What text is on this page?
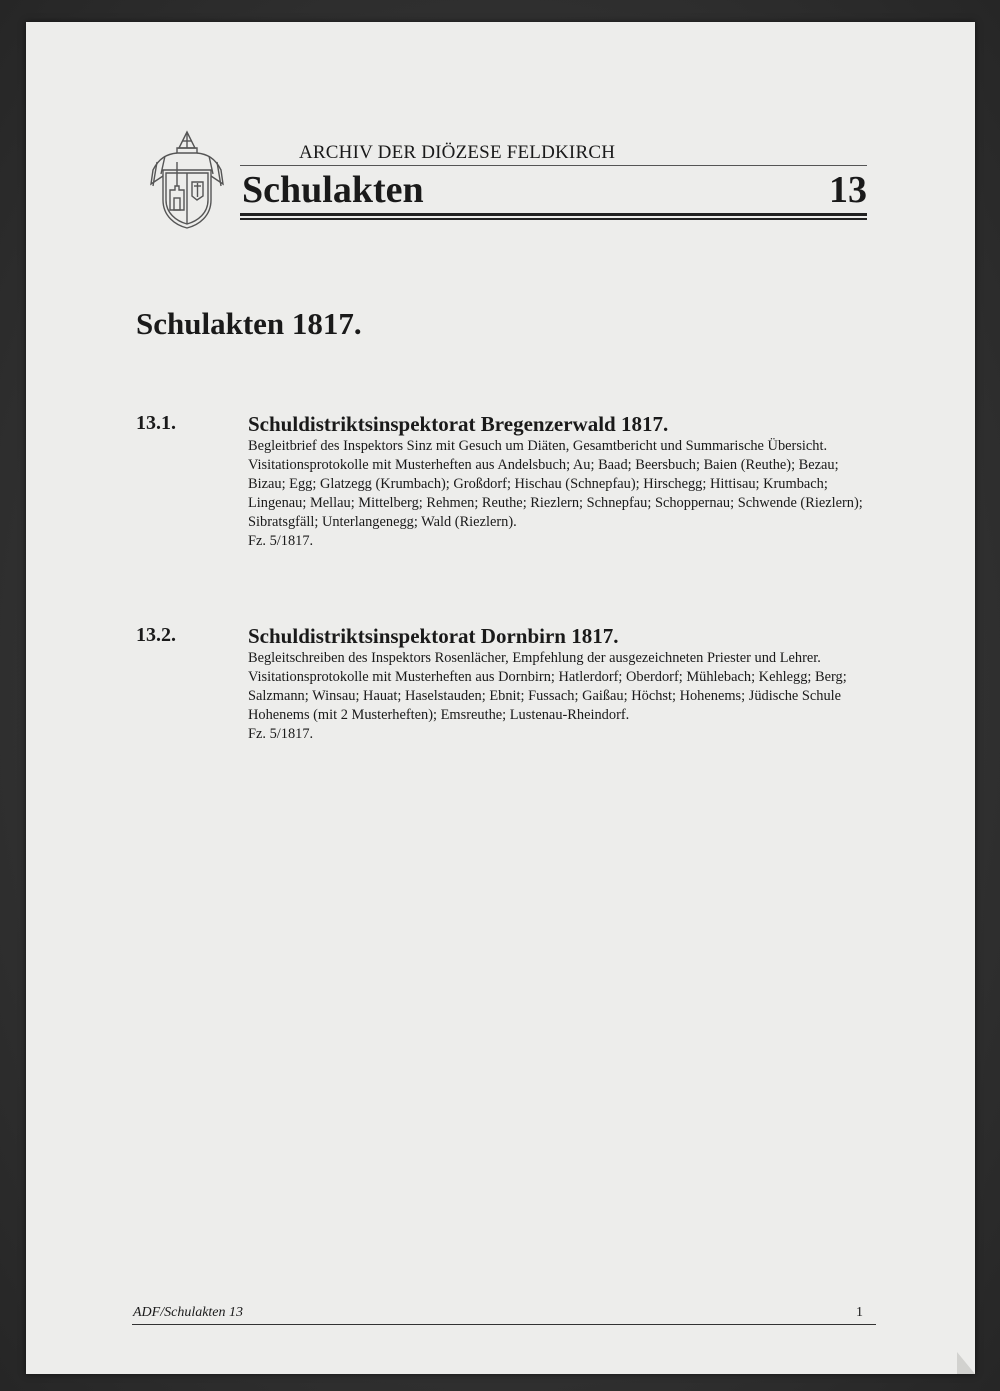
ARCHIV DER DIÖZESE FELDKIRCH
Schulakten	13
Schulakten 1817.
13.1.	Schuldistriktsinspektorat Bregenzerwald 1817.

Begleitbrief des Inspektors Sinz mit Gesuch um Diäten, Gesamtbericht und Summarische Übersicht.

Visitationsprotokolle mit Musterheften aus Andelsbuch; Au; Baad; Beersbuch; Baien (Reuthe); Bezau; Bizau; Egg; Glatzegg (Krumbach); Großdorf; Hischau (Schnepfau); Hirschegg; Hittisau; Krumbach; Lingenau; Mellau; Mittelberg; Rehmen; Reuthe; Riezlern; Schnepfau; Schoppernau; Schwende (Riezlern); Sibratsgfäll; Unterlangenegg; Wald (Riezlern).

Fz. 5/1817.

13.2.	Schuldistriktsinspektorat Dornbirn 1817.

Begleitschreiben des Inspektors Rosenlächer, Empfehlung der ausgezeichneten Priester und Lehrer.

Visitationsprotokolle mit Musterheften aus Dornbirn; Hatlerdorf; Oberdorf; Mühlebach; Kehlegg; Berg; Salzmann; Winsau; Hauat; Haselstauden; Ebnit; Fussach; Gaißau; Höchst; Hohenems; Jüdische Schule Hohenems (mit 2 Musterheften); Emsreuthe; Lustenau-Rheindorf.

Fz. 5/1817.

ADF/Schulakten 13	1
